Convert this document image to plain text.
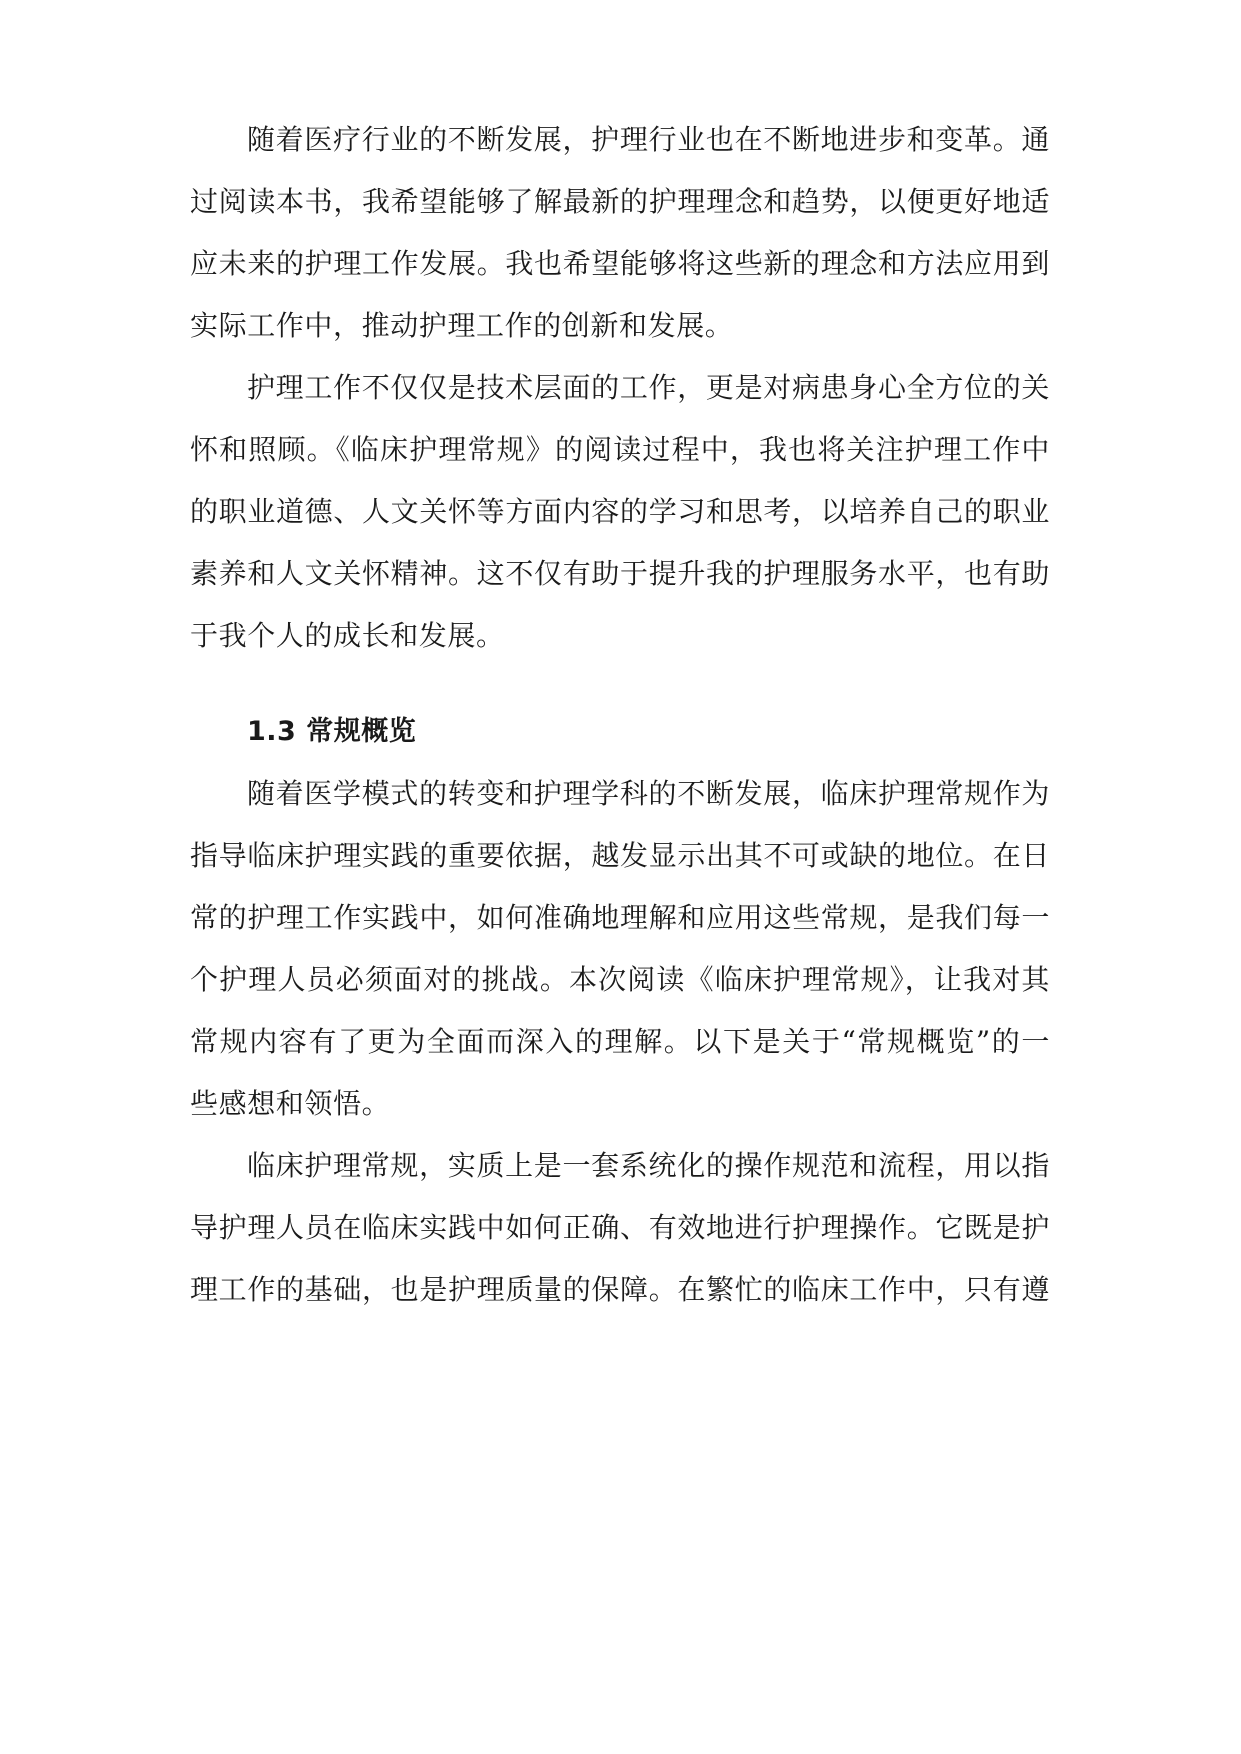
随着医疗行业的不断发展，护理行业也在不断地进步和变革。通

过阅读本书，我希望能够了解最新的护理理念和趋势，以便更好地适

应未来的护理工作发展。我也希望能够将这些新的理念和方法应用到

实际工作中，推动护理工作的创新和发展。

护理工作不仅仅是技术层面的工作，更是对病患身心全方位的关

怀和照顾。《临床护理常规》的阅读过程中，我也将关注护理工作中

的职业道德、人文关怀等方面内容的学习和思考，以培养自己的职业

素养和人文关怀精神。这不仅有助于提升我的护理服务水平，也有助

于我个人的成长和发展。

1.3 常规概览

随着医学模式的转变和护理学科的不断发展，临床护理常规作为

指导临床护理实践的重要依据，越发显示出其不可或缺的地位。在日

常的护理工作实践中，如何准确地理解和应用这些常规，是我们每一

个护理人员必须面对的挑战。本次阅读《临床护理常规》，让我对其

常规内容有了更为全面而深入的理解。以下是关于“常规概览”的一

些感想和领悟。

临床护理常规，实质上是一套系统化的操作规范和流程，用以指

导护理人员在临床实践中如何正确、有效地进行护理操作。它既是护

理工作的基础，也是护理质量的保障。在繁忙的临床工作中，只有遵
